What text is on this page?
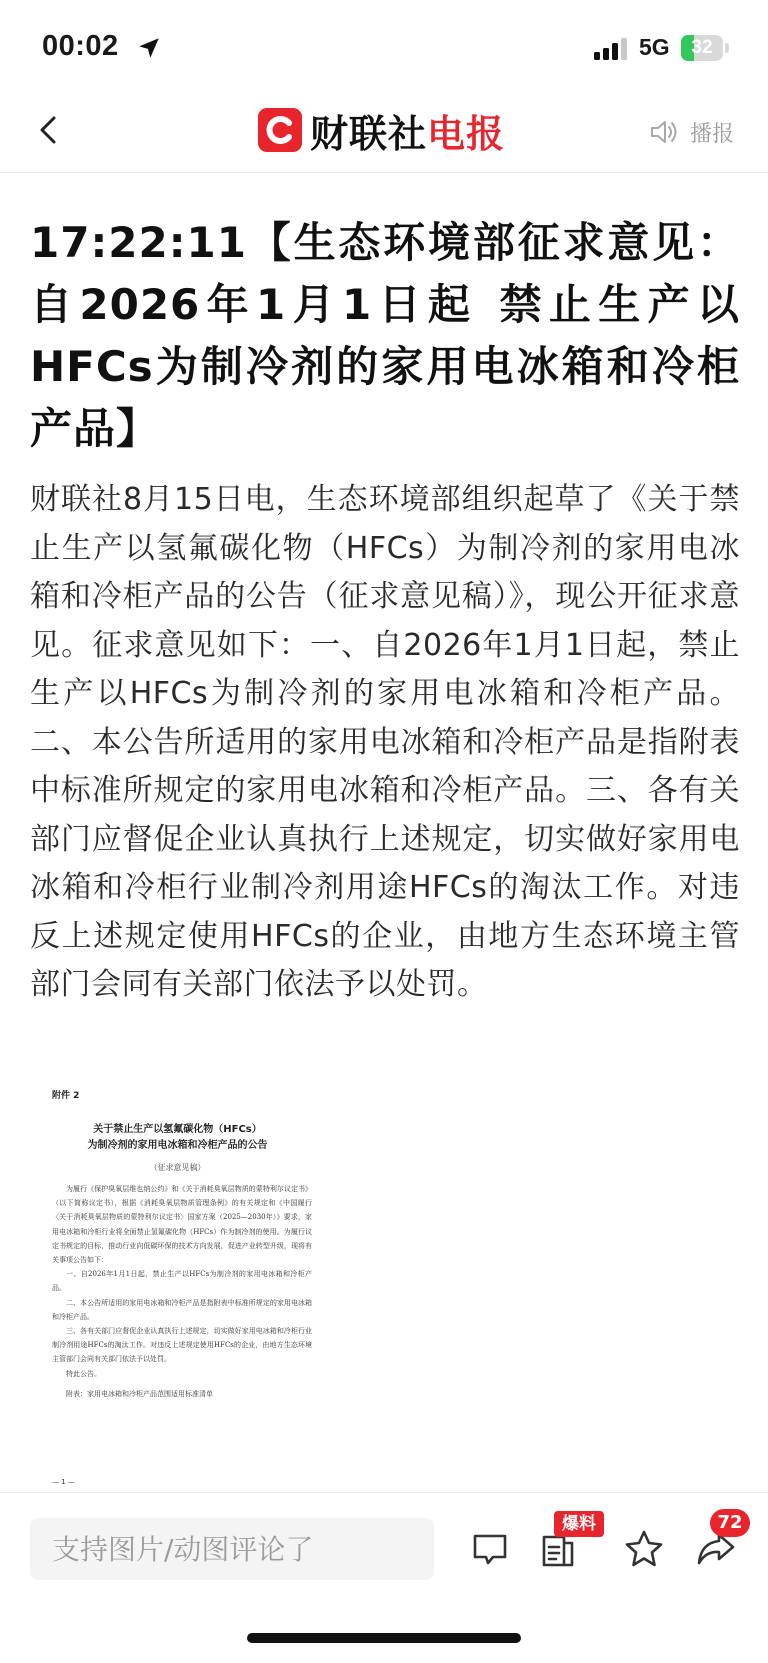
00:02	5G	32
财联社 电报	播报
17:22:11【生态环境部征求意见：自2026年1月1日起 禁止生产以HFCs为制冷剂的家用电冰箱和冷柜产品】

财联社8月15日电，生态环境部组织起草了《关于禁止生产以氢氟碳化物（HFCs）为制冷剂的家用电冰箱和冷柜产品的公告（征求意见稿）》，现公开征求意见。征求意见如下：一、自2026年1月1日起，禁止生产以HFCs为制冷剂的家用电冰箱和冷柜产品。二、本公告所适用的家用电冰箱和冷柜产品是指附表中标准所规定的家用电冰箱和冷柜产品。三、各有关部门应督促企业认真执行上述规定，切实做好家用电冰箱和冷柜行业制冷剂用途HFCs的淘汰工作。对违反上述规定使用HFCs的企业，由地方生态环境主管部门会同有关部门依法予以处罚。

附件 2
关于禁止生产以氢氟碳化物（HFCs）
为制冷剂的家用电冰箱和冷柜产品的公告
（征求意见稿）

为履行《保护臭氧层维也纳公约》和《关于消耗臭氧层物质的蒙特利尔议定书》（以下简称议定书），根据《消耗臭氧层物质管理条例》的有关规定和《中国履行〈关于消耗臭氧层物质的蒙特利尔议定书〉国家方案（2025—2030年）》要求，家用电冰箱和冷柜行业将全面禁止氢氟碳化物（HFCs）作为制冷剂的使用。为履行议定书规定的目标，推动行业向低碳环保的技术方向发展，促进产业转型升级，现将有关事项公告如下：

一、自2026年1月1日起，禁止生产以HFCs为制冷剂的家用电冰箱和冷柜产品。

二、本公告所适用的家用电冰箱和冷柜产品是指附表中标准所规定的家用电冰箱和冷柜产品。

三、各有关部门应督促企业认真执行上述规定，切实做好家用电冰箱和冷柜行业制冷剂用途HFCs的淘汰工作。对违反上述规定使用HFCs的企业，由地方生态环境主管部门会同有关部门依法予以处罚。

特此公告。

附表：家用电冰箱和冷柜产品范围适用标准清单

— 1 —
支持图片/动图评论了
爆料	72
